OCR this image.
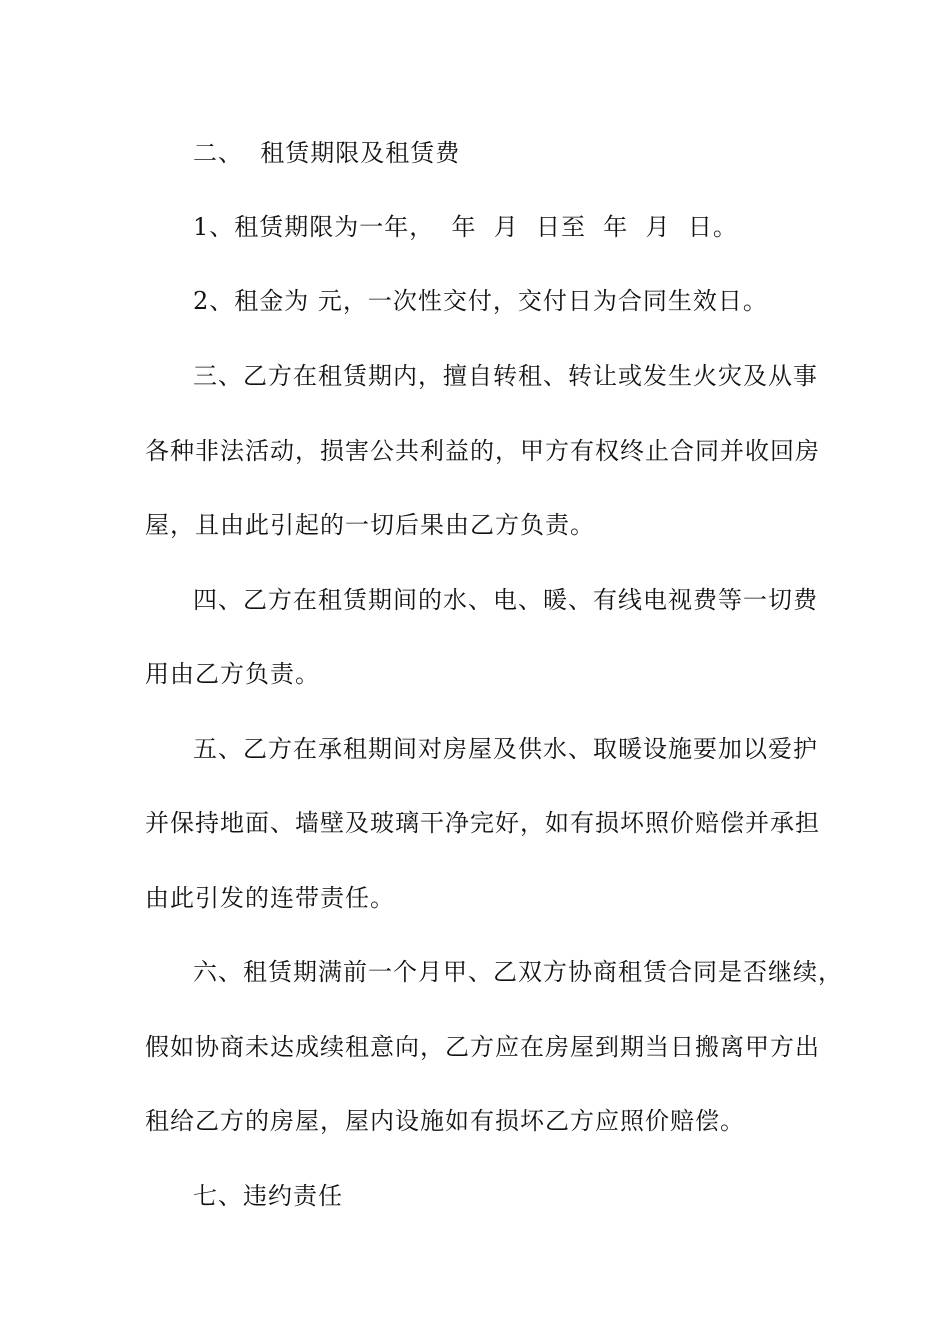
二、  租赁期限及租赁费
1、租赁期限为一年，  年  月  日至  年  月  日。
2、租金为 元，一次性交付，交付日为合同生效日。
三、乙方在租赁期内，擅自转租、转让或发生火灾及从事
各种非法活动，损害公共利益的，甲方有权终止合同并收回房
屋，且由此引起的一切后果由乙方负责。
四、乙方在租赁期间的水、电、暖、有线电视费等一切费
用由乙方负责。
五、乙方在承租期间对房屋及供水、取暖设施要加以爱护
并保持地面、墙壁及玻璃干净完好，如有损坏照价赔偿并承担
由此引发的连带责任。
六、租赁期满前一个月甲、乙双方协商租赁合同是否继续，
假如协商未达成续租意向，乙方应在房屋到期当日搬离甲方出
租给乙方的房屋，屋内设施如有损坏乙方应照价赔偿。
七、违约责任
